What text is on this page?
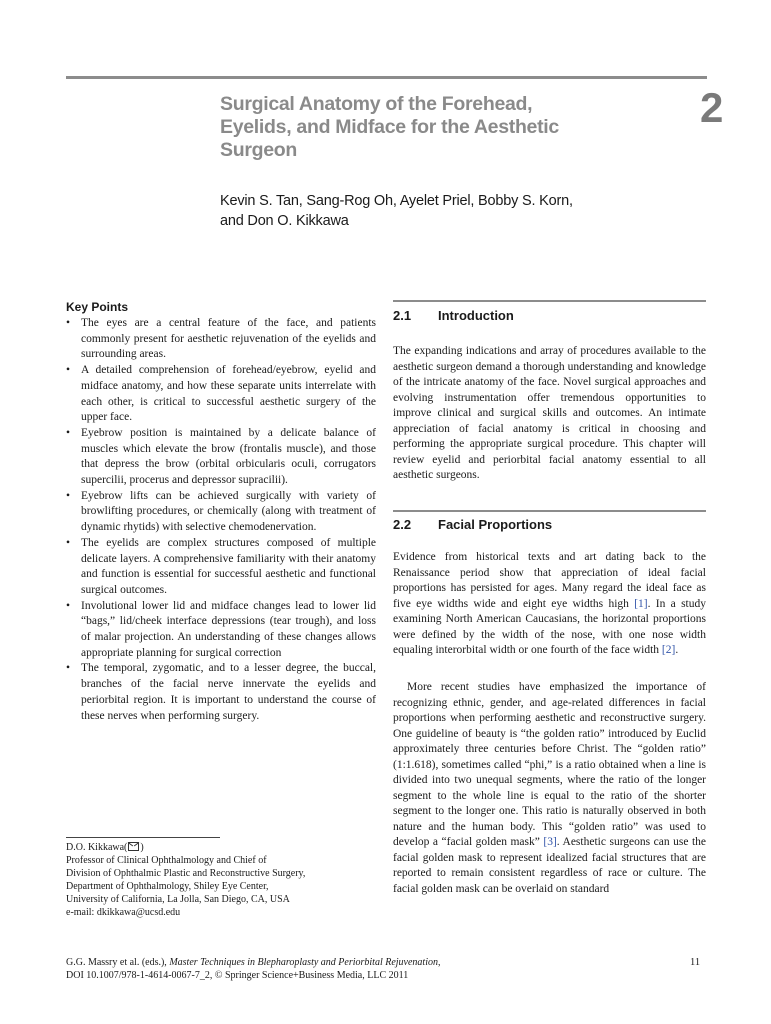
Surgical Anatomy of the Forehead,
Eyelids, and Midface for the Aesthetic
Surgeon
2
Kevin S. Tan, Sang-Rog Oh, Ayelet Priel, Bobby S. Korn,
and Don O. Kikkawa
Key Points
• The eyes are a central feature of the face, and patients commonly present for aesthetic rejuvenation of the eyelids and surrounding areas.
• A detailed comprehension of forehead/eyebrow, eyelid and midface anatomy, and how these separate units interrelate with each other, is critical to successful aesthetic surgery of the upper face.
• Eyebrow position is maintained by a delicate balance of muscles which elevate the brow (frontalis muscle), and those that depress the brow (orbital orbicularis oculi, corrugators supercilii, procerus and depressor supracilii).
• Eyebrow lifts can be achieved surgically with variety of browlifting procedures, or chemically (along with treatment of dynamic rhytids) with selective chemodenervation.
• The eyelids are complex structures composed of multiple delicate layers. A comprehensive familiarity with their anatomy and function is essential for successful aesthetic and functional surgical outcomes.
• Involutional lower lid and midface changes lead to lower lid “bags,” lid/cheek interface depressions (tear trough), and loss of malar projection. An understanding of these changes allows appropriate planning for surgical correction
• The temporal, zygomatic, and to a lesser degree, the buccal, branches of the facial nerve innervate the eyelids and periorbital region. It is important to understand the course of these nerves when performing surgery.
D.O. Kikkawa( )
Professor of Clinical Ophthalmology and Chief of
Division of Ophthalmic Plastic and Reconstructive Surgery,
Department of Ophthalmology, Shiley Eye Center,
University of California, La Jolla, San Diego, CA, USA
e-mail: dkikkawa@ucsd.edu
2.1 Introduction
The expanding indications and array of procedures available to the aesthetic surgeon demand a thorough understanding and knowledge of the intricate anatomy of the face. Novel surgical approaches and evolving instrumentation offer tremendous opportunities to improve clinical and surgical skills and outcomes. An intimate appreciation of facial anatomy is critical in choosing and performing the appropriate surgical procedure. This chapter will review eyelid and periorbital facial anatomy essential to all aesthetic surgeons.
2.2 Facial Proportions
Evidence from historical texts and art dating back to the Renaissance period show that appreciation of ideal facial proportions has persisted for ages. Many regard the ideal face as five eye widths wide and eight eye widths high [1]. In a study examining North American Caucasians, the horizontal proportions were defined by the width of the nose, with one nose width equaling interorbital width or one fourth of the face width [2].
More recent studies have emphasized the importance of recognizing ethnic, gender, and age-related differences in facial proportions when performing aesthetic and reconstructive surgery. One guideline of beauty is “the golden ratio” introduced by Euclid approximately three centuries before Christ. The “golden ratio” (1:1.618), sometimes called “phi,” is a ratio obtained when a line is divided into two unequal segments, where the ratio of the longer segment to the whole line is equal to the ratio of the shorter segment to the longer one. This ratio is naturally observed in both nature and the human body. This “golden ratio” was used to develop a “facial golden mask” [3]. Aesthetic surgeons can use the facial golden mask to represent idealized facial structures that are reported to remain consistent regardless of race or culture. The facial golden mask can be overlaid on standard
G.G. Massry et al. (eds.), Master Techniques in Blepharoplasty and Periorbital Rejuvenation,
DOI 10.1007/978-1-4614-0067-7_2, © Springer Science+Business Media, LLC 2011
11
